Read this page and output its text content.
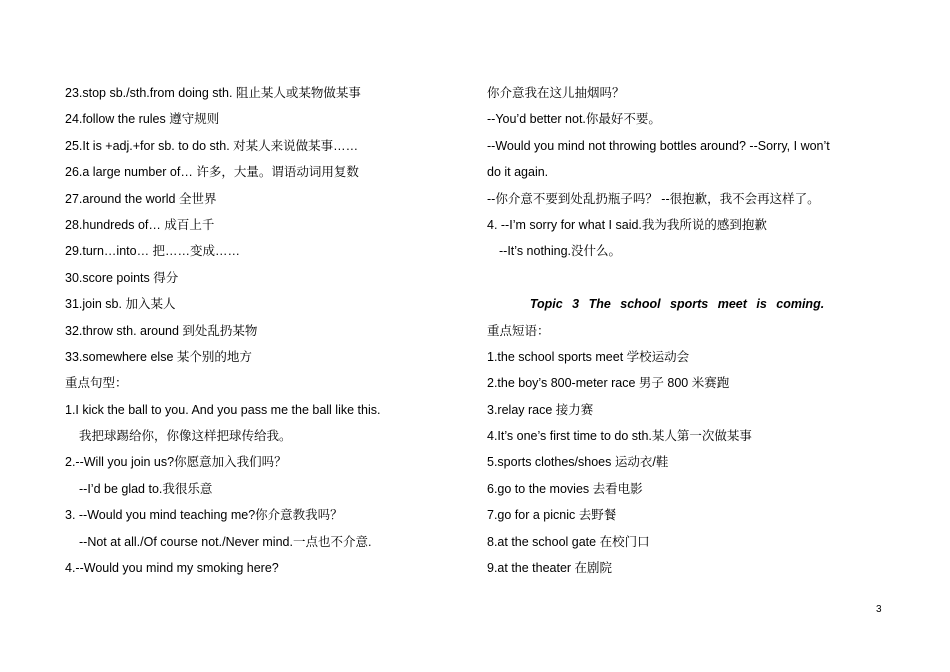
23.stop sb./sth.from doing sth. 阻止某人或某物做某事
24.follow the rules 遵守规则
25.It is +adj.+for sb. to do sth. 对某人来说做某事……
26.a large number of… 许多，大量。谓语动词用复数
27.around the world 全世界
28.hundreds of… 成百上千
29.turn…into… 把……变成……
30.score points 得分
31.join sb. 加入某人
32.throw sth. around 到处乱扔某物
33.somewhere else 某个别的地方
重点句型：
1.I kick the ball to you. And you pass me the ball like this.
我把球踢给你，你像这样把球传给我。
2.--Will you join us?你愿意加入我们吗？
--I’d be glad to.我很乐意
3. --Would you mind teaching me?你介意教我吗？
--Not at all./Of course not./Never mind.一点也不介意.
4.--Would you mind my smoking here?
你介意我在这儿抽烟吗？
--You’d better not.你最好不要。
--Would you mind not throwing bottles around? --Sorry, I won’t
do it again.
--你介意不要到处乱扔瓶子吗？ --很抱歉，我不会再这样了。
4. --I’m sorry for what I said.我为我所说的感到抱歉
--It’s nothing.没什么。
Topic 3 The school sports meet is coming.
重点短语：
1.the school sports meet 学校运动会
2.the boy’s 800-meter race 男子 800 米赛跑
3.relay race 接力赛
4.It’s one’s first time to do sth.某人第一次做某事
5.sports clothes/shoes 运动衣/鞋
6.go to the movies 去看电影
7.go for a picnic 去野餐
8.at the school gate 在校门口
9.at the theater 在剧院
3
